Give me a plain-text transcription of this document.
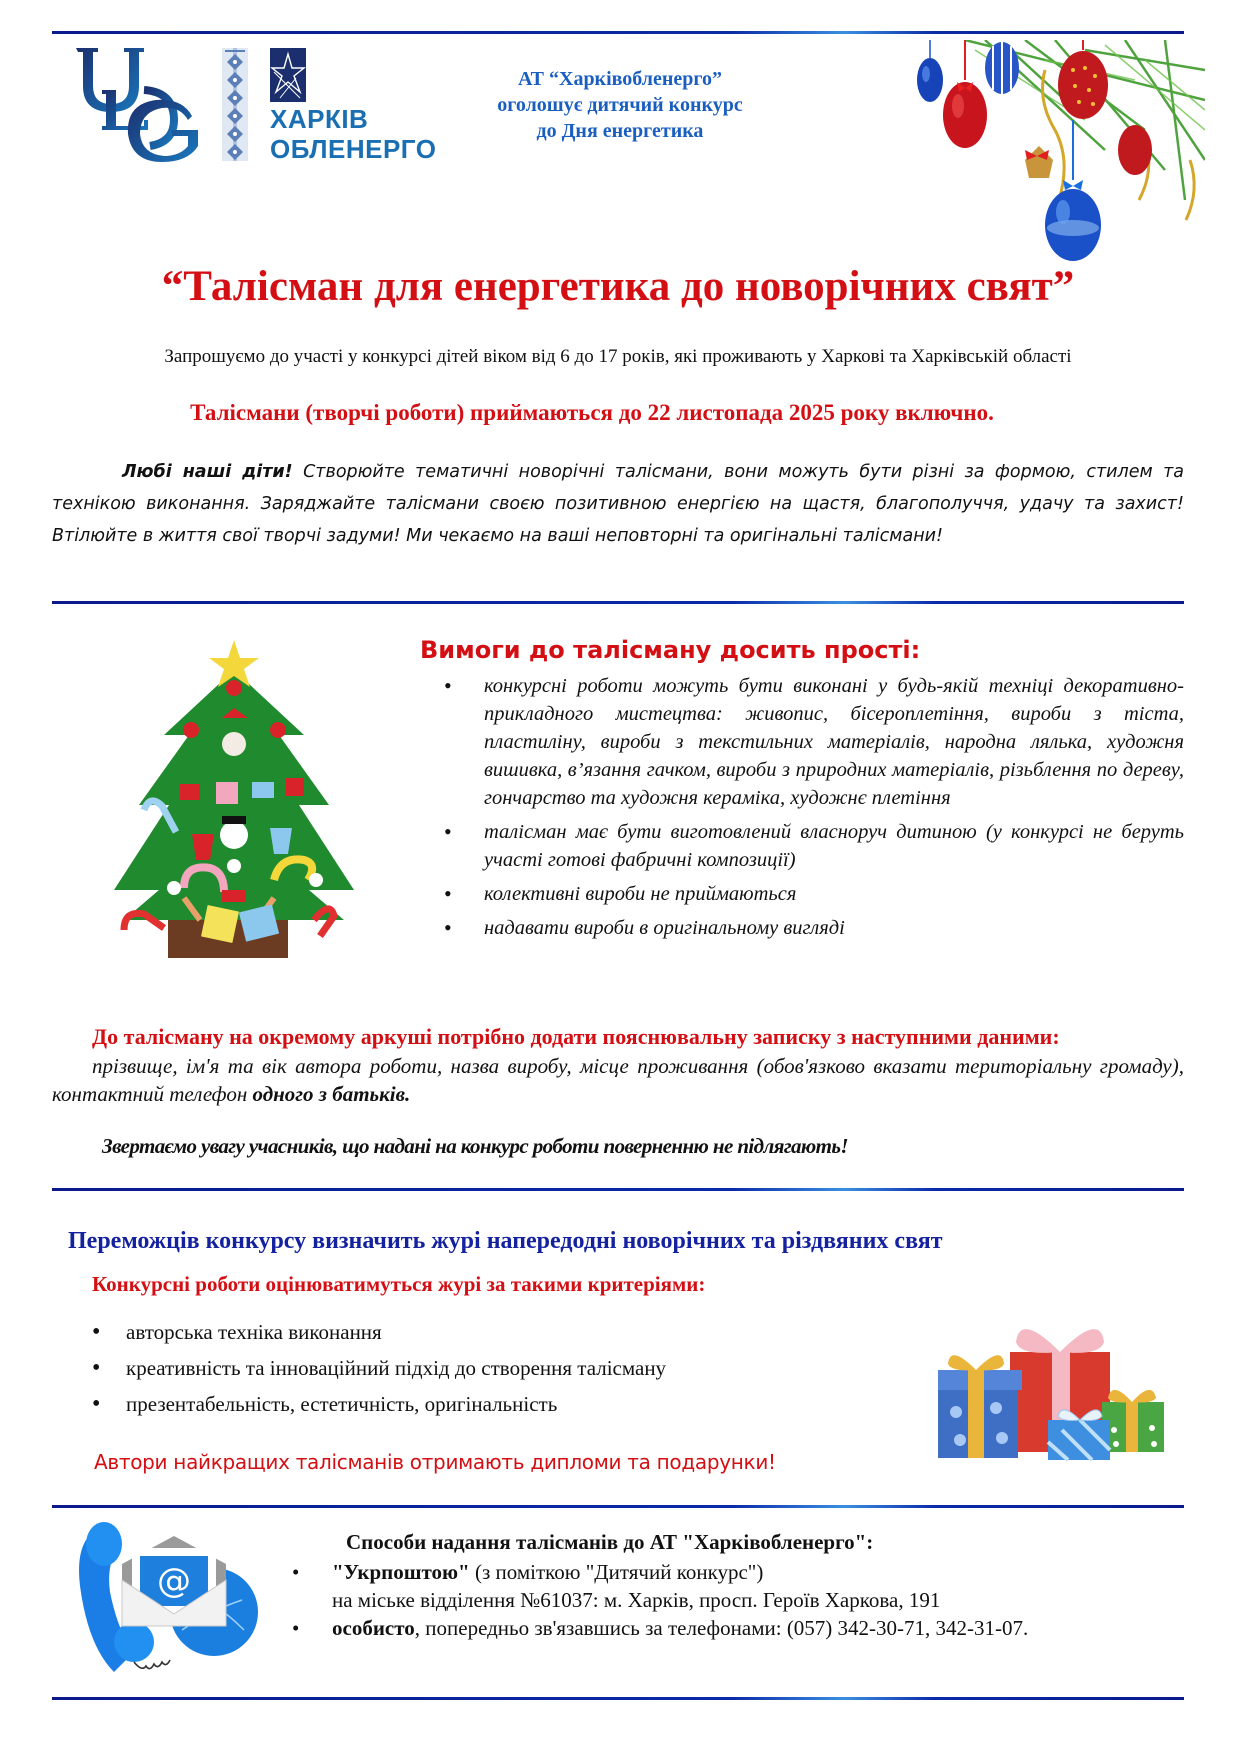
ХАРКІВ
ОБЛЕНЕРГО
АТ “Харківобленерго”
оголошує дитячий конкурс
до Дня енергетика
“Талісман для енергетика до новорічних свят”
Запрошуємо до участі у конкурсі дітей віком від 6 до 17 років, які проживають у Харкові та Харківській області
Талісмани (творчі роботи) приймаються до 22 листопада 2025 року включно.
Любі наші діти! Створюйте тематичні новорічні талісмани, вони можуть бути різні за формою, стилем та технікою виконання. Заряджайте талісмани своєю позитивною енергією на щастя, благополуччя, удачу та захист! Втілюйте в життя свої творчі задуми! Ми чекаємо на ваші неповторні та оригінальні талісмани!
Вимоги до талісману досить прості:
• конкурсні роботи можуть бути виконані у будь-якій техніці декоративно-прикладного мистецтва: живопис, бісероплетіння, вироби з тіста, пластиліну, вироби з текстильних матеріалів, народна лялька, художня вишивка, в’язання гачком, вироби з природних матеріалів, різьблення по дереву, гончарство та художня кераміка, художнє плетіння
• талісман має бути виготовлений власноруч дитиною (у конкурсі не беруть участі готові фабричні композиції)
• колективні вироби не приймаються
• надавати вироби в оригінальному вигляді
До талісману на окремому аркуші потрібно додати пояснювальну записку з наступними даними:
прізвище, ім'я та вік автора роботи, назва виробу, місце проживання (обов'язково вказати територіальну громаду), контактний телефон одного з батьків.
Звертаємо увагу учасників, що надані на конкурс роботи поверненню не підлягають!
Переможців конкурсу визначить журі напередодні новорічних та різдвяних свят
Конкурсні роботи оцінюватимуться журі за такими критеріями:
• авторська техніка виконання
• креативність та інноваційний підхід до створення талісману
• презентабельність, естетичність, оригінальність
Автори найкращих талісманів отримають дипломи та подарунки!
@
Способи надання талісманів до АТ "Харківобленерго":
• "Укрпоштою" (з поміткою "Дитячий конкурс")
на міське відділення №61037: м. Харків, просп. Героїв Харкова, 191
• особисто, попередньо зв'язавшись за телефонами: (057) 342-30-71, 342-31-07.
